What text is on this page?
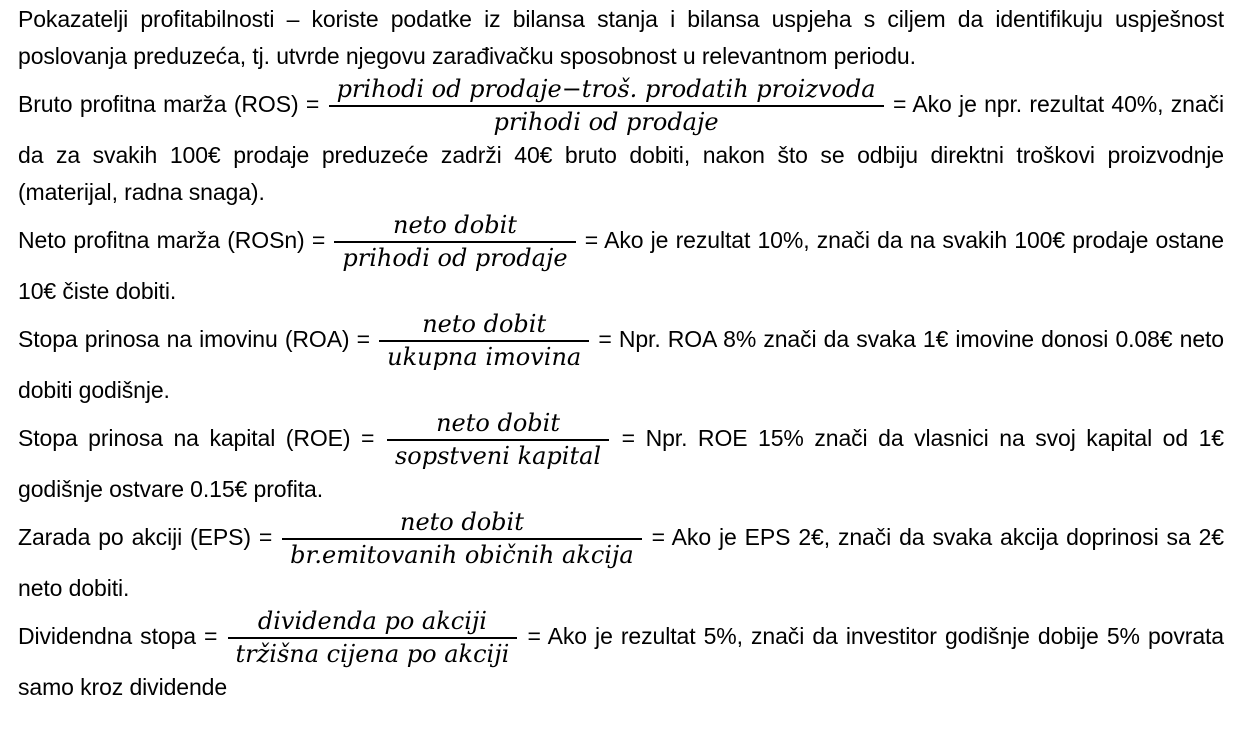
Pokazatelji profitabilnosti – koriste podatke iz bilansa stanja i bilansa uspjeha s ciljem da identifikuju uspješnost poslovanja preduzeća, tj. utvrde njegovu zarađivačku sposobnost u relevantnom periodu.

Bruto profitna marža $(ROS) = \frac{\text{prihodi od prodaje−troš. prodatih proizvoda}}{\text{prihodi od prodaje}}$ = Ako je npr. rezultat 40%, znači da za svakih 100€ prodaje preduzeće zadrži 40€ bruto dobiti, nakon što se odbiju direktni troškovi proizvodnje (materijal, radna snaga).

Neto profitna marža (ROSn) = $\frac{\text{neto dobit}}{\text{prihodi od prodaje}}$ = Ako je rezultat 10%, znači da na svakih 100€ prodaje ostane 10€ čiste dobiti.

Stopa prinosa na imovinu $(ROA) = \frac{\text{neto dobit}}{\text{ukupna imovina}}$ = Npr. ROA 8% znači da svaka 1€ imovine donosi 0.08€ neto dobiti godišnje.

Stopa prinosa na kapital $(ROE) = \frac{\text{neto dobit}}{\text{sopstveni kapital}}$ = Npr. ROE 15% znači da vlasnici na svoj kapital od 1€ godišnje ostvare 0.15€ profita.

Zarada po akciji $(EPS) = \frac{\text{neto dobit}}{\text{br.emitovanih običnih akcija}}$ = Ako je EPS 2€, znači da svaka akcija doprinosi sa 2€ neto dobiti.

Dividendna stopa = $\frac{\text{dividenda po akciji}}{\text{tržišna cijena po akciji}}$ = Ako je rezultat 5%, znači da investitor godišnje dobije 5% povrata samo kroz dividende
